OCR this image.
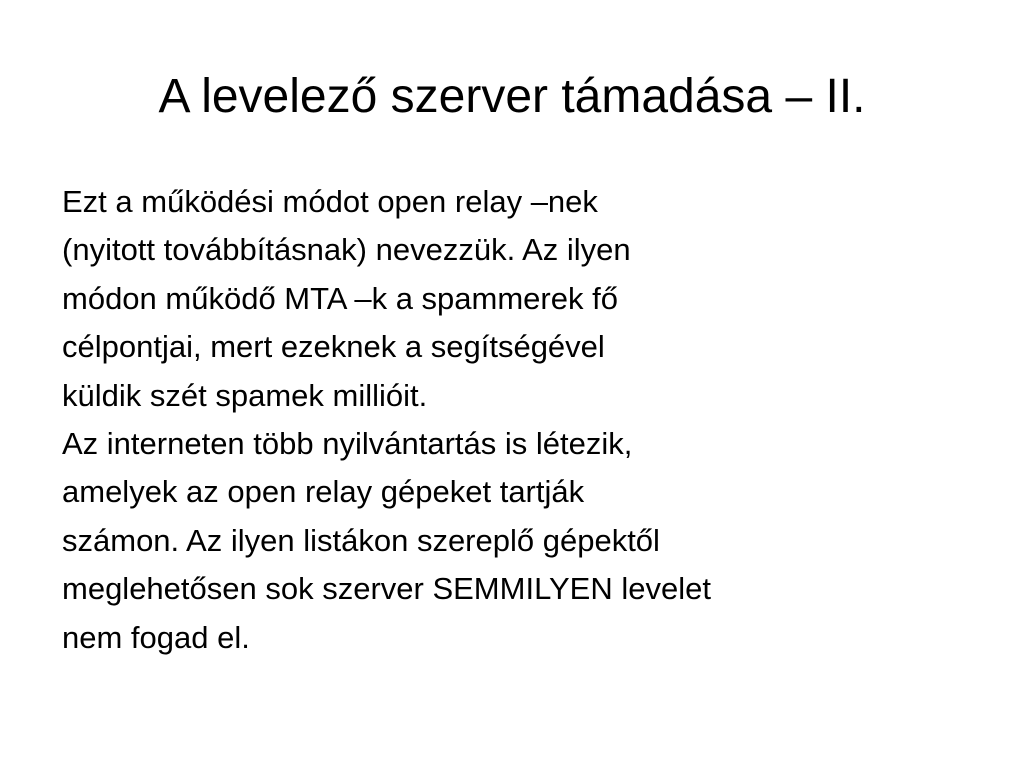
A levelező szerver támadása – II.
Ezt a működési módot open relay –nek
(nyitott továbbításnak) nevezzük. Az ilyen
módon működő MTA –k a spammerek fő
célpontjai, mert ezeknek a segítségével
küldik szét spamek millióit.
Az interneten több nyilvántartás is létezik,
amelyek az open relay gépeket tartják
számon. Az ilyen listákon szereplő gépektől
meglehetősen sok szerver SEMMILYEN levelet
nem fogad el.
